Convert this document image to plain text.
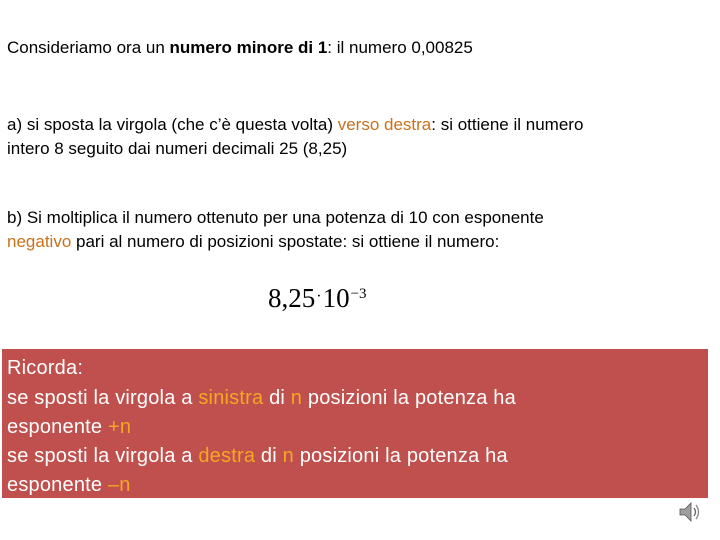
Consideriamo ora un numero minore di 1: il numero 0,00825
a) si sposta la virgola (che c’è questa volta) verso destra: si ottiene il numero
intero 8 seguito dai numeri decimali 25 (8,25)
b) Si moltiplica il numero ottenuto per una potenza di 10 con esponente
negativo pari al numero di posizioni spostate: si ottiene il numero:
$8,25^\cdot 10^{-3}$
Ricorda:
se sposti la virgola a sinistra di n posizioni la potenza ha
esponente +n
se sposti la virgola a destra di n posizioni la potenza ha
esponente –n
